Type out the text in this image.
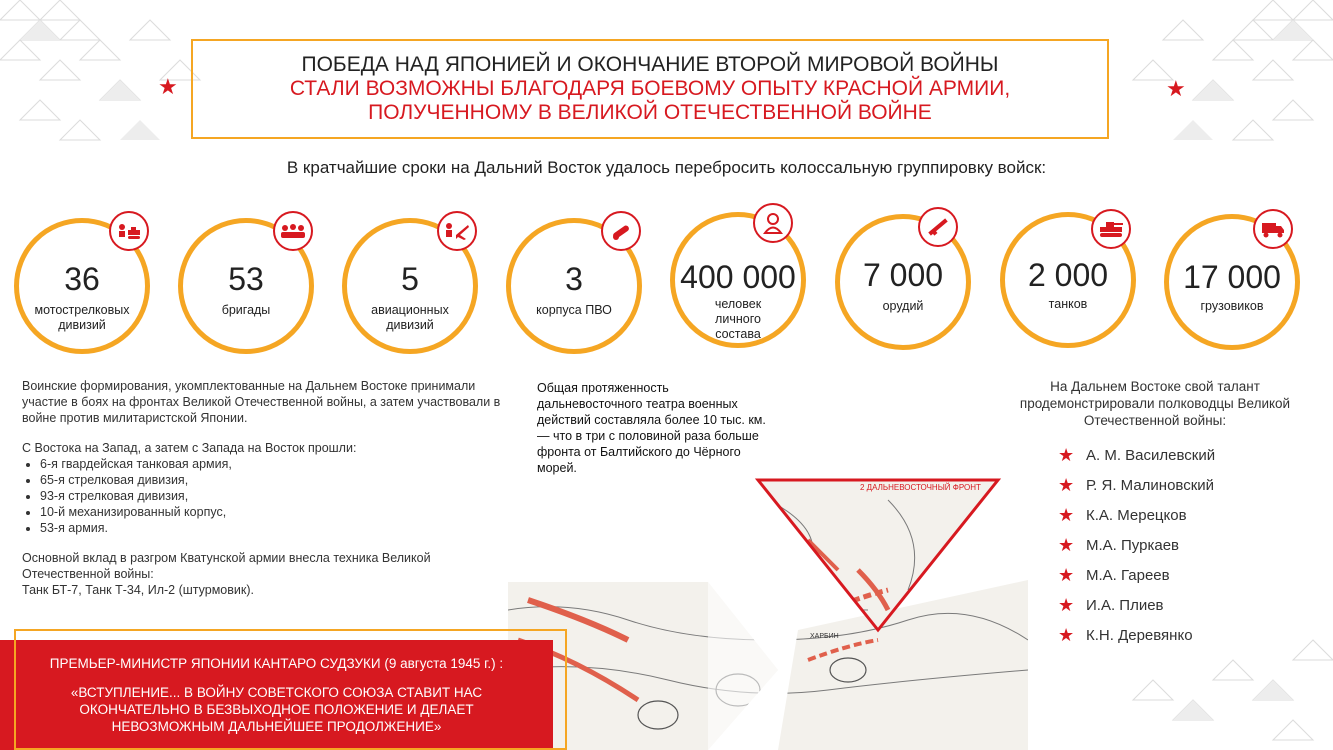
★	★
ПОБЕДА НАД ЯПОНИЕЙ И ОКОНЧАНИЕ ВТОРОЙ МИРОВОЙ ВОЙНЫ
СТАЛИ ВОЗМОЖНЫ БЛАГОДАРЯ БОЕВОМУ ОПЫТУ КРАСНОЙ АРМИИ,
ПОЛУЧЕННОМУ В ВЕЛИКОЙ ОТЕЧЕСТВЕННОЙ ВОЙНЕ
В кратчайшие сроки на Дальний Восток удалось перебросить колоссальную группировку войск:
36
мотострелковых дивизий
53
бригады
5
авиационных дивизий
3
корпуса ПВО
400 000
человек личного состава
7 000
орудий
2 000
танков
17 000
грузовиков

Воинские формирования, укомплектованные на Дальнем Востоке принимали участие в боях на фронтах Великой Отечественной войны, а затем участвовали в войне против милитаристской Японии.

С Востока на Запад, а затем с Запада на Восток прошли:

• 6-я гвардейская танковая армия,
• 65-я стрелковая дивизия,
• 93-я стрелковая дивизия,
• 10-й механизированный корпус,
• 53-я армия.

Основной вклад в разгром Кватунской армии внесла техника Великой Отечественной войны:

Танк БТ-7, Танк Т-34, Ил-2 (штурмовик).

Общая протяженность дальневосточного театра военных действий составляла более 10 тыс. км. — что в три с половиной раза больше фронта от Балтийского до Чёрного морей.
2 ДАЛЬНЕВОСТОЧНЫЙ ФРОНТ
ХАРБИН
На Дальнем Востоке свой талант продемонстрировали полководцы Великой Отечественной войны:
★ А. М. Василевский
★ Р. Я. Малиновский
★ К.А. Мерецков
★ М.А. Пуркаев
★ М.А. Гареев
★ И.А. Плиев
★ К.Н. Деревянко
ПРЕМЬЕР-МИНИСТР ЯПОНИИ КАНТАРО СУДЗУКИ (9 августа 1945 г.) :
«ВСТУПЛЕНИЕ... В ВОЙНУ СОВЕТСКОГО СОЮЗА СТАВИТ НАС ОКОНЧАТЕЛЬНО В БЕЗВЫХОДНОЕ ПОЛОЖЕНИЕ И ДЕЛАЕТ НЕВОЗМОЖНЫМ ДАЛЬНЕЙШЕЕ ПРОДОЛЖЕНИЕ»
